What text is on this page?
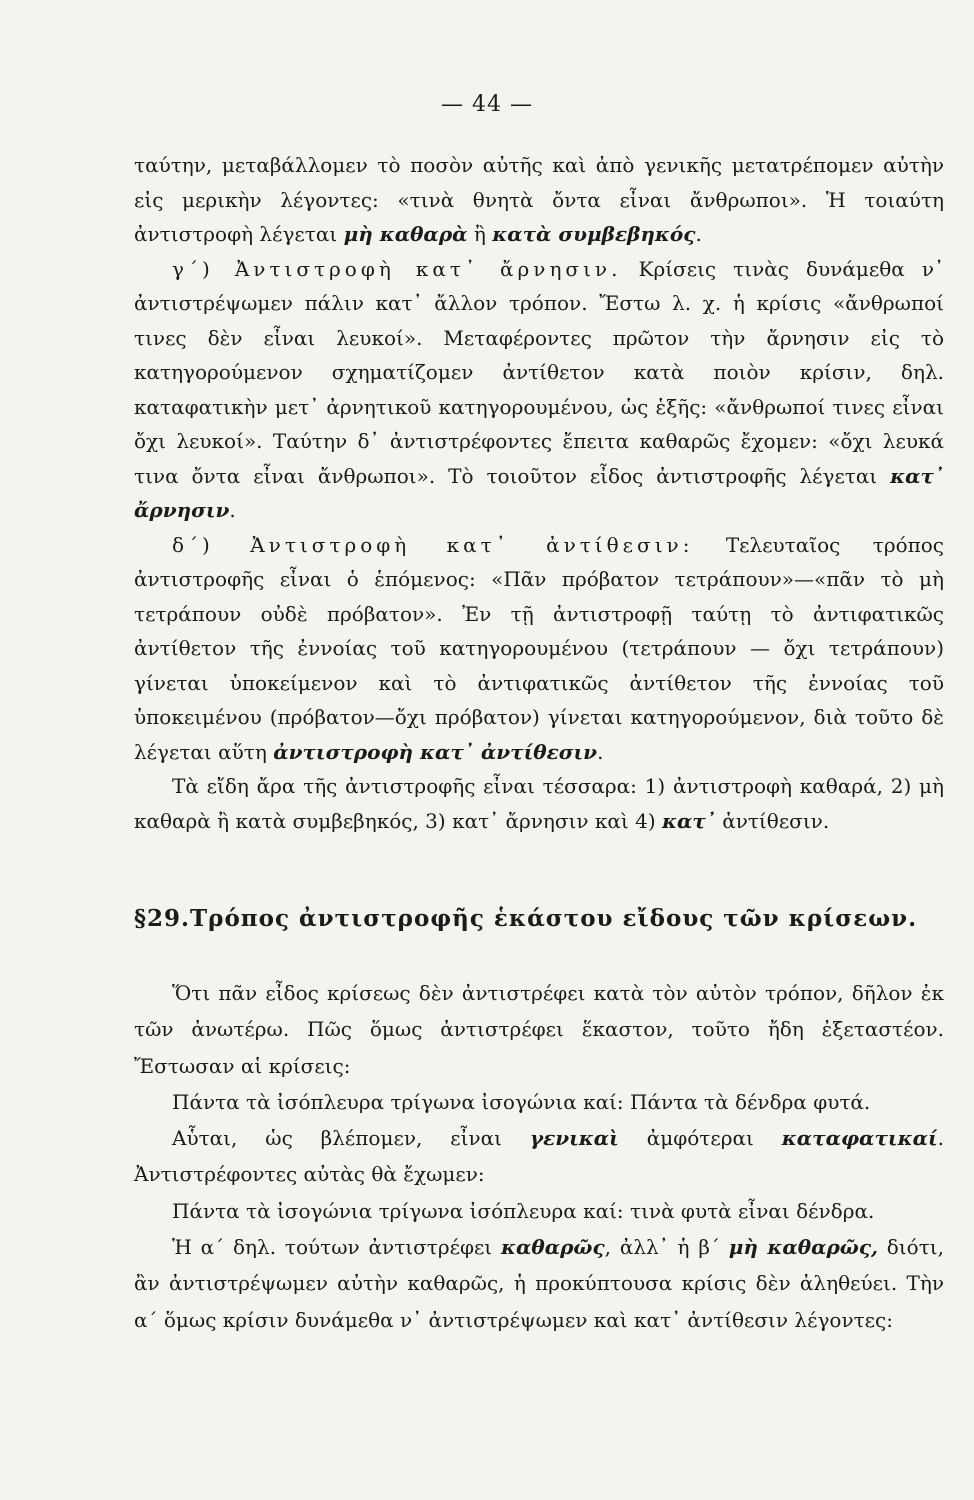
— 44 —

ταύτην, μεταβάλλομεν τὸ ποσὸν αὐτῆς καὶ ἀπὸ γενικῆς μετατρέπομεν αὐτὴν εἰς μερικὴν λέγοντες: «τινὰ θνητὰ ὄντα εἶναι ἄνθρωποι». Ἡ τοιαύτη ἀντιστροφὴ λέγεται μὴ καθαρὰ ἢ κατὰ συμβεβηκός.

γ΄) Ἀντιστροφὴ κατ᾽ ἄρνησιν. Κρίσεις τινὰς δυνάμεθα ν᾽ ἀντιστρέψωμεν πάλιν κατ᾽ ἄλλον τρόπον. Ἔστω λ. χ. ἡ κρίσις «ἄνθρωποί τινες δὲν εἶναι λευκοί». Μεταφέροντες πρῶτον τὴν ἄρνησιν εἰς τὸ κατηγορούμενον σχηματίζομεν ἀντίθετον κατὰ ποιὸν κρίσιν, δηλ. καταφατικὴν μετ᾽ ἀρνητικοῦ κατηγορουμένου, ὡς ἑξῆς: «ἄνθρωποί τινες εἶναι ὄχι λευκοί». Ταύτην δ᾽ ἀντιστρέφοντες ἔπειτα καθαρῶς ἔχομεν: «ὄχι λευκά τινα ὄντα εἶναι ἄνθρωποι». Τὸ τοιοῦτον εἶδος ἀντιστροφῆς λέγεται κατ᾽ ἄρνησιν.

δ΄) Ἀντιστροφὴ κατ᾽ ἀντίθεσιν: Τελευταῖος τρόπος ἀντιστροφῆς εἶναι ὁ ἑπόμενος: «Πᾶν πρόβατον τετράπουν»—«πᾶν τὸ μὴ τετράπουν οὐδὲ πρόβατον». Ἐν τῇ ἀντιστροφῇ ταύτῃ τὸ ἀντιφατικῶς ἀντίθετον τῆς ἐννοίας τοῦ κατηγορουμένου (τετράπουν — ὄχι τετράπουν) γίνεται ὑποκείμενον καὶ τὸ ἀντιφατικῶς ἀντίθετον τῆς ἐννοίας τοῦ ὑποκειμένου (πρόβατον—ὄχι πρόβατον) γίνεται κατηγορούμενον, διὰ τοῦτο δὲ λέγεται αὕτη ἀντιστροφὴ κατ᾽ ἀντίθεσιν.

Τὰ εἴδη ἄρα τῆς ἀντιστροφῆς εἶναι τέσσαρα: 1) ἀντιστροφὴ καθαρά, 2) μὴ καθαρὰ ἢ κατὰ συμβεβηκός, 3) κατ᾽ ἄρνησιν καὶ 4) κατ᾽ ἀντίθεσιν.

§29.Τρόπος ἀντιστροφῆς ἑκάστου εἴδους τῶν κρίσεων.

Ὅτι πᾶν εἶδος κρίσεως δὲν ἀντιστρέφει κατὰ τὸν αὐτὸν τρόπον, δῆλον ἐκ τῶν ἀνωτέρω. Πῶς ὅμως ἀντιστρέφει ἕκαστον, τοῦτο ἤδη ἐξεταστέον. Ἔστωσαν αἱ κρίσεις:

Πάντα τὰ ἰσόπλευρα τρίγωνα ἰσογώνια καί: Πάντα τὰ δένδρα φυτά.

Αὗται, ὡς βλέπομεν, εἶναι γενικαὶ ἀμφότεραι καταφατικαί. Ἀντιστρέφοντες αὐτὰς θὰ ἔχωμεν:

Πάντα τὰ ἰσογώνια τρίγωνα ἰσόπλευρα καί: τινὰ φυτὰ εἶναι δένδρα.

Ἡ α΄ δηλ. τούτων ἀντιστρέφει καθαρῶς, ἀλλ᾽ ἡ β΄ μὴ καθαρῶς, διότι, ἂν ἀντιστρέψωμεν αὐτὴν καθαρῶς, ἡ προκύπτουσα κρίσις δὲν ἀληθεύει. Τὴν α΄ ὅμως κρίσιν δυνάμεθα ν᾽ ἀντιστρέψωμεν καὶ κατ᾽ ἀντίθεσιν λέγοντες:
